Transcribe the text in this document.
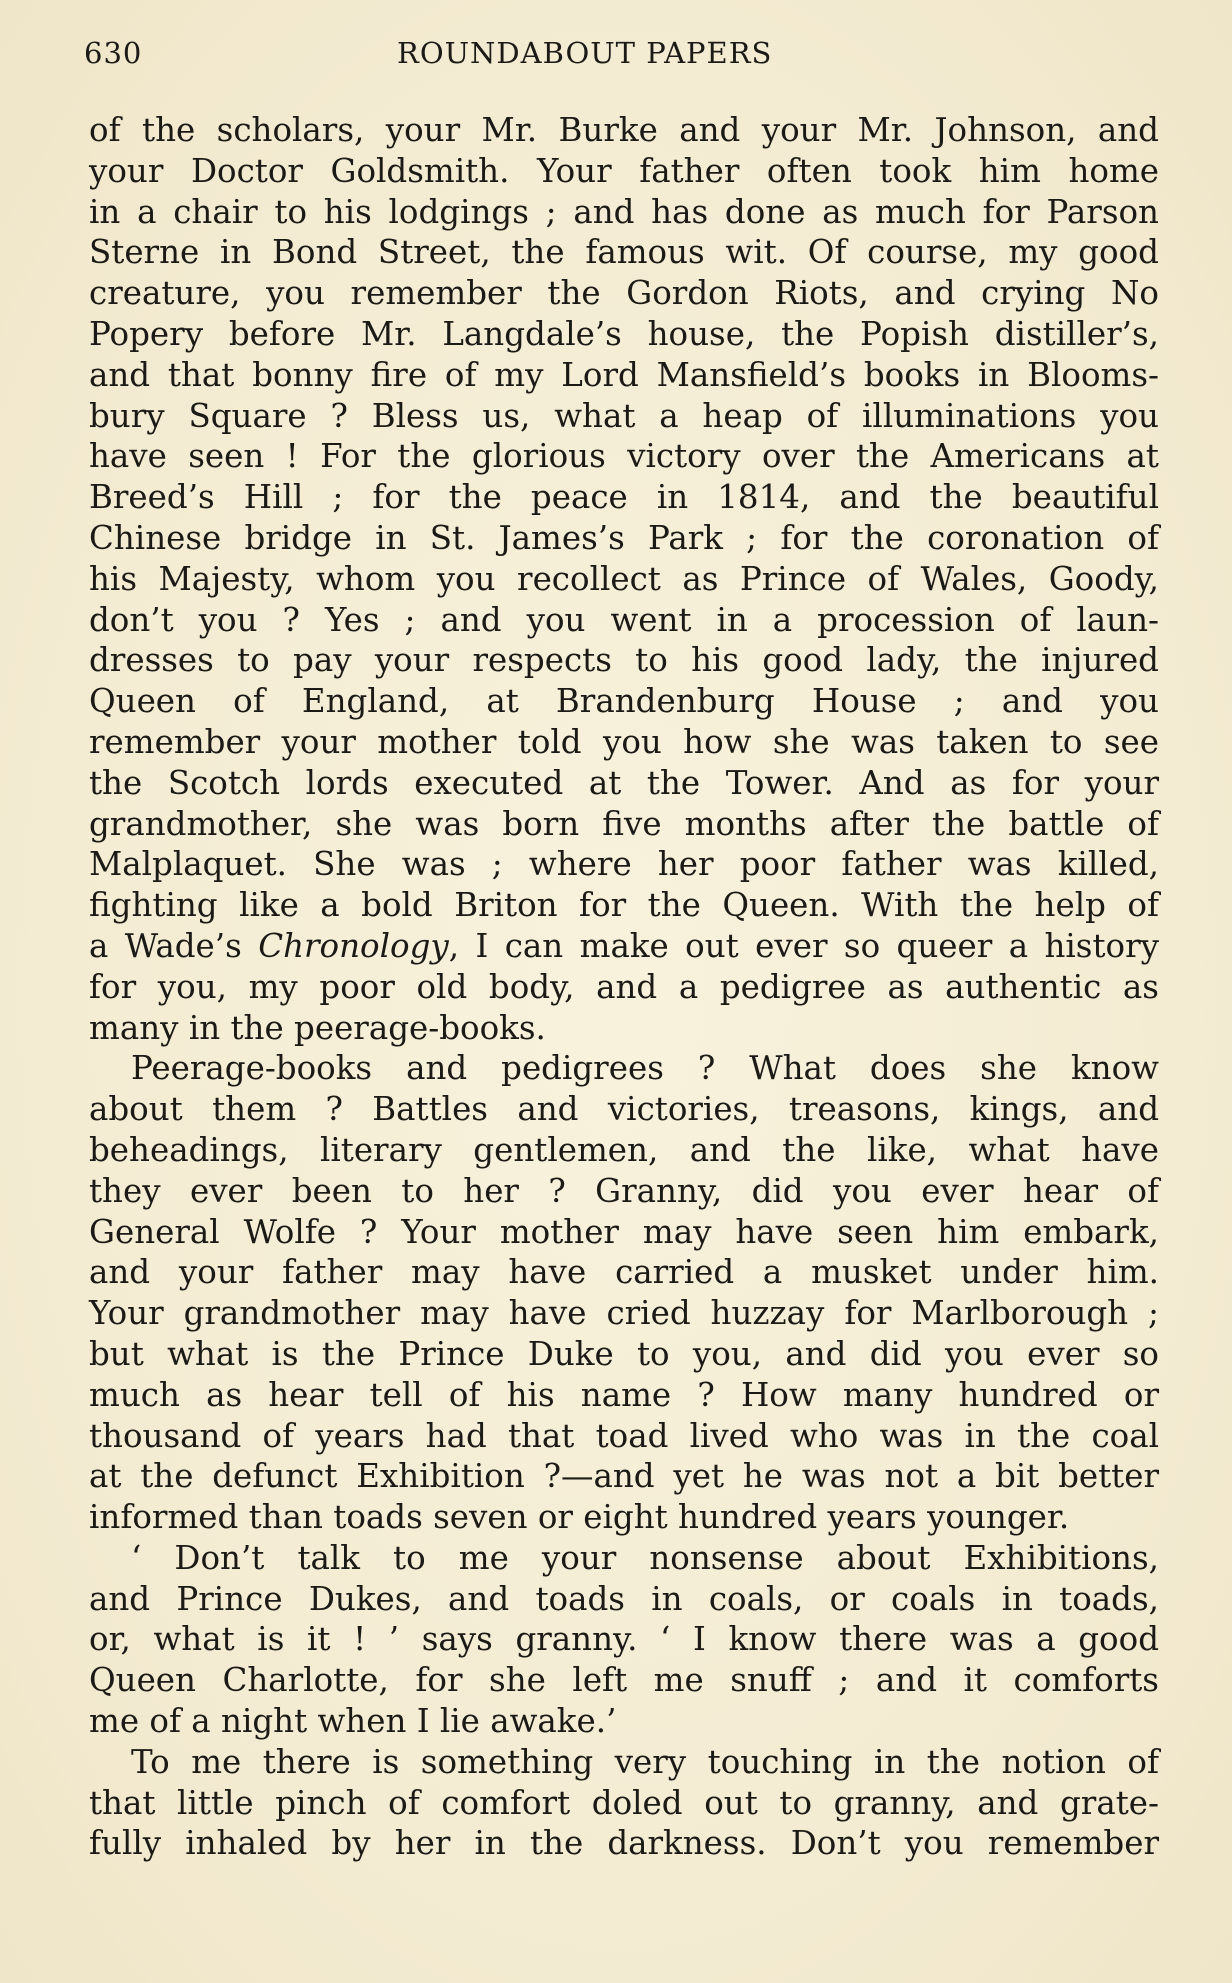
630	ROUNDABOUT PAPERS
of the scholars, your Mr. Burke and your Mr. Johnson, and
your Doctor Goldsmith. Your father often took him home
in a chair to his lodgings ; and has done as much for Parson
Sterne in Bond Street, the famous wit. Of course, my good
creature, you remember the Gordon Riots, and crying No
Popery before Mr. Langdale’s house, the Popish distiller’s,
and that bonny fire of my Lord Mansfield’s books in Blooms-
bury Square ? Bless us, what a heap of illuminations you
have seen ! For the glorious victory over the Americans at
Breed’s Hill ; for the peace in 1814, and the beautiful
Chinese bridge in St. James’s Park ; for the coronation of
his Majesty, whom you recollect as Prince of Wales, Goody,
don’t you ? Yes ; and you went in a procession of laun-
dresses to pay your respects to his good lady, the injured
Queen of England, at Brandenburg House ; and you
remember your mother told you how she was taken to see
the Scotch lords executed at the Tower. And as for your
grandmother, she was born five months after the battle of
Malplaquet. She was ; where her poor father was killed,
fighting like a bold Briton for the Queen. With the help of
a Wade’s Chronology, I can make out ever so queer a history
for you, my poor old body, and a pedigree as authentic as
many in the peerage-books.
Peerage-books and pedigrees ? What does she know
about them ? Battles and victories, treasons, kings, and
beheadings, literary gentlemen, and the like, what have
they ever been to her ? Granny, did you ever hear of
General Wolfe ? Your mother may have seen him embark,
and your father may have carried a musket under him.
Your grandmother may have cried huzzay for Marlborough ;
but what is the Prince Duke to you, and did you ever so
much as hear tell of his name ? How many hundred or
thousand of years had that toad lived who was in the coal
at the defunct Exhibition ?—and yet he was not a bit better
informed than toads seven or eight hundred years younger.
‘ Don’t talk to me your nonsense about Exhibitions,
and Prince Dukes, and toads in coals, or coals in toads,
or, what is it ! ’ says granny. ‘ I know there was a good
Queen Charlotte, for she left me snuff ; and it comforts
me of a night when I lie awake.’
To me there is something very touching in the notion of
that little pinch of comfort doled out to granny, and grate-
fully inhaled by her in the darkness. Don’t you remember
